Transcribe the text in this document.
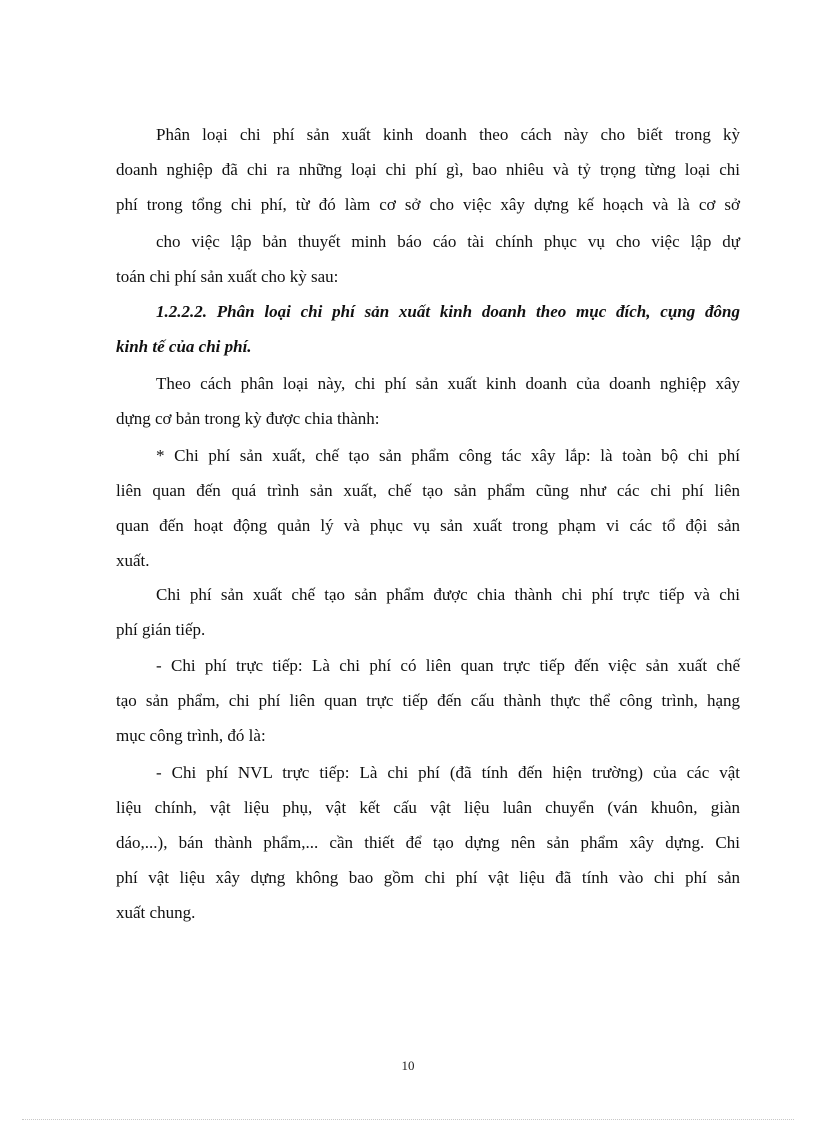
Phân loại chi phí sản xuất kinh doanh theo cách này cho biết trong kỳ
doanh nghiệp đã chi ra những loại chi phí gì, bao nhiêu và tỷ trọng từng loại chi
phí trong tổng chi phí, từ đó làm cơ sở cho việc xây dựng kế hoạch và là cơ sở

cho việc lập bản thuyết minh báo cáo tài chính phục vụ cho việc lập dự
toán chi phí sản xuất cho kỳ sau:

1.2.2.2. Phân loại chi phí sản xuất kinh doanh theo mục đích, cụng đông
kinh tế của chi phí.

Theo cách phân loại này, chi phí sản xuất kinh doanh của doanh nghiệp xây
dựng cơ bản trong kỳ được chia thành:

* Chi phí sản xuất, chế tạo sản phẩm công tác xây lắp: là toàn bộ chi phí
liên quan đến quá trình sản xuất, chế tạo sản phẩm cũng như các chi phí liên
quan đến hoạt động quản lý và phục vụ sản xuất trong phạm vi các tổ đội sản
xuất.

Chi phí sản xuất chế tạo sản phẩm được chia thành chi phí trực tiếp và chi
phí gián tiếp.

- Chi phí trực tiếp: Là chi phí có liên quan trực tiếp đến việc sản xuất chế
tạo sản phẩm, chi phí liên quan trực tiếp đến cấu thành thực thể công trình, hạng
mục công trình, đó là:

- Chi phí NVL trực tiếp: Là chi phí (đã tính đến hiện trường) của các vật
liệu chính, vật liệu phụ, vật kết cấu vật liệu luân chuyển (ván khuôn, giàn
dáo,...), bán thành phẩm,... cần thiết để tạo dựng nên sản phẩm xây dựng. Chi
phí vật liệu xây dựng không bao gồm chi phí vật liệu đã tính vào chi phí sản
xuất chung.

10
